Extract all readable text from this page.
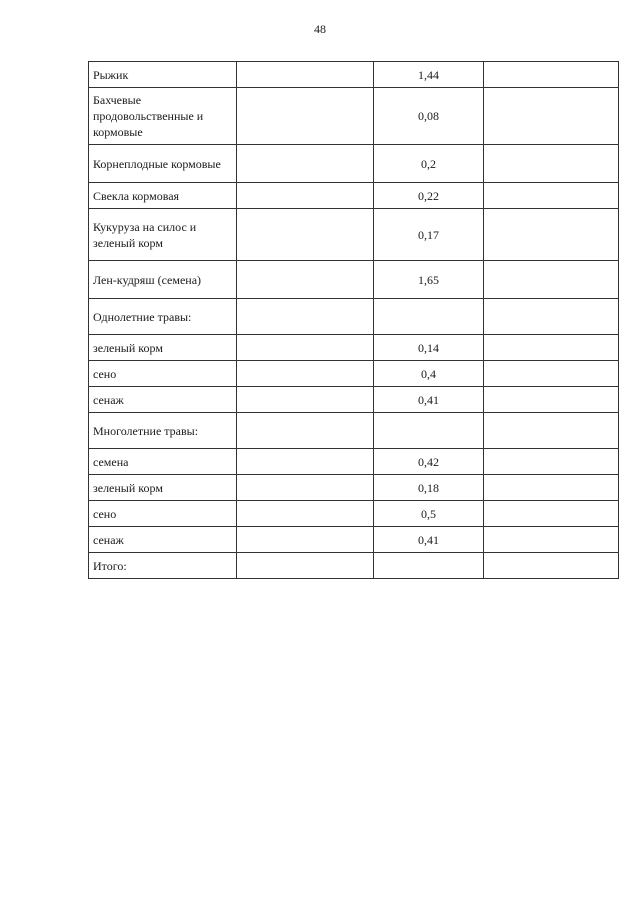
48
Рыжик		1,44	
Бахчевые продовольственные и кормовые		0,08	
Корнеплодные кормовые		0,2	
Свекла кормовая		0,22	
Кукуруза на силос и зеленый корм		0,17	
Лен-кудряш (семена)		1,65	
Однолетние травы:			
зеленый корм		0,14	
сено		0,4	
сенаж		0,41	
Многолетние травы:			
семена		0,42	
зеленый корм		0,18	
сено		0,5	
сенаж		0,41	
Итого:			
